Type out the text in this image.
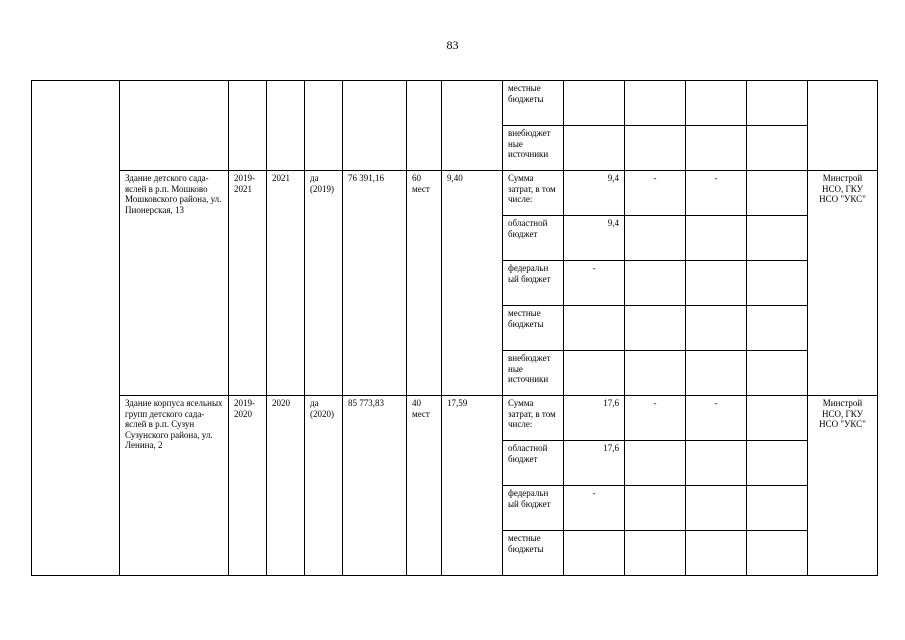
83
								местные бюджеты					
								внебюджет ные источники					
	Здание детского сада-яслей в р.п. Мошково Мошковского района, ул. Пионерская, 13	2019-2021	2021	да (2019)	76 391,16	60 мест	9,40	Сумма затрат, в том числе:	9,4	-	-		Минстрой НСО, ГКУ НСО "УКС"
								областной бюджет	9,4				
								федеральн ый бюджет	-				
								местные бюджеты					
								внебюджет ные источники					
	Здание корпуса ясельных групп детского сада-яслей в р.п. Сузун Сузунского района, ул. Ленина, 2	2019-2020	2020	да (2020)	85 773,83	40 мест	17,59	Сумма затрат, в том числе:	17,6	-	-		Минстрой НСО, ГКУ НСО "УКС"
								областной бюджет	17,6				
								федеральн ый бюджет	-				
								местные бюджеты					
